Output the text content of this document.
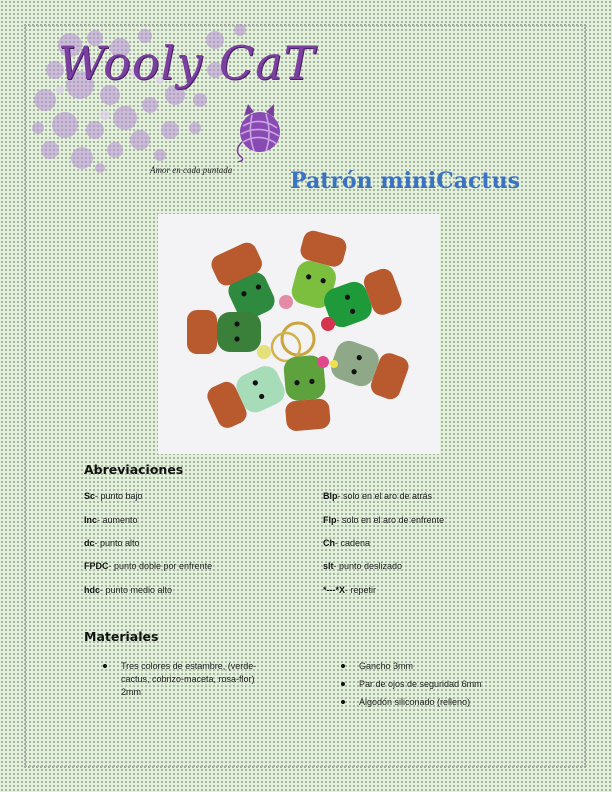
Wooly CaT
Amor en cada puntada	Patrón miniCactus
Abreviaciones
Sc- punto bajo
Inc- aumento
dc- punto alto
FPDC- punto doble por enfrente
hdc- punto medio alto
Blp- solo en el aro de atrás
Flp- solo en el aro de enfrente
Ch- cadena
slt- punto deslizado
*---*X- repetir
Materiales
Tres colores de estambre, (verde-
cactus, cobrizo-maceta, rosa-flor)
2mm
Gancho 3mm
Par de ojos de seguridad 6mm
Algodón siliconado (relleno)
